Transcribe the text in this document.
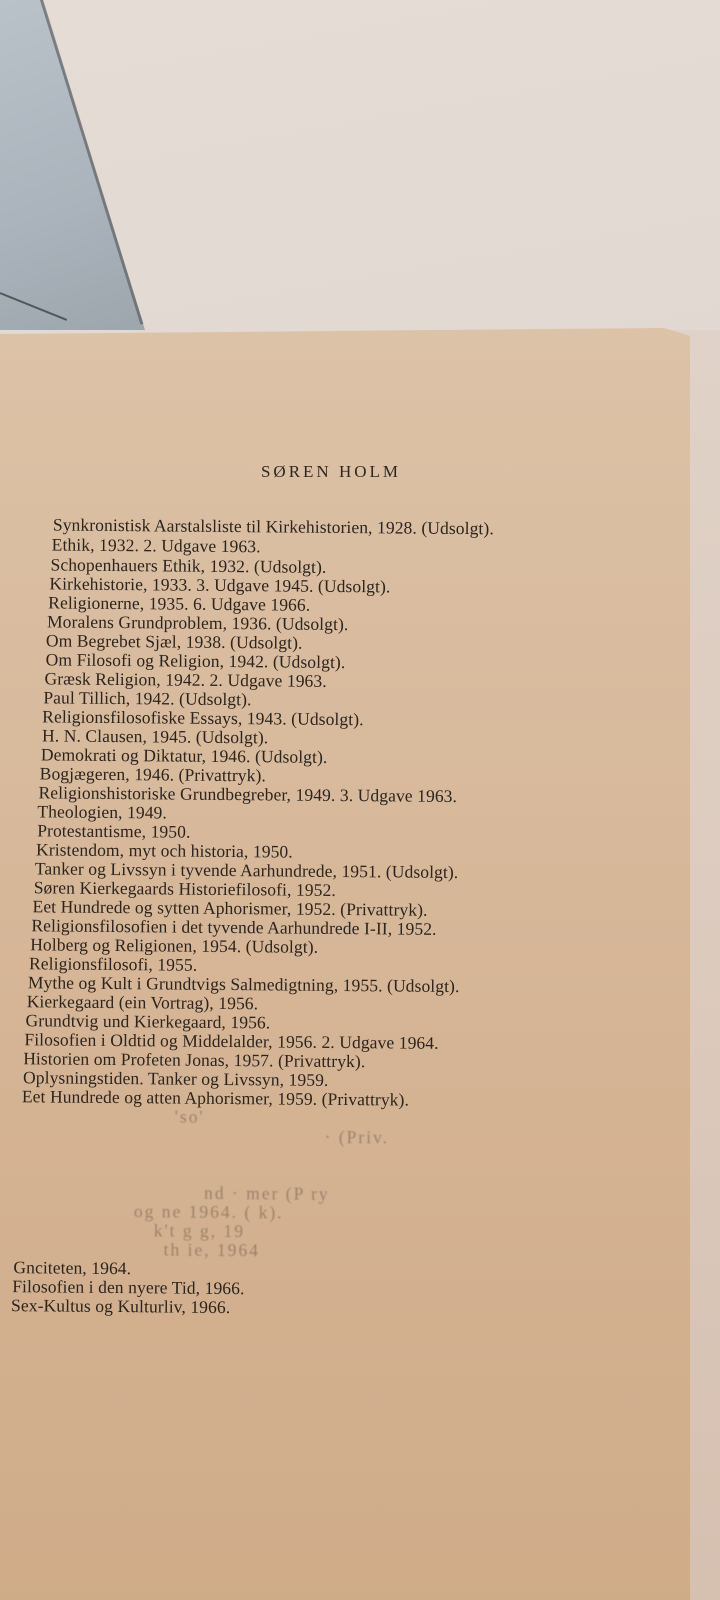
SØREN HOLM
Synkronistisk Aarstalsliste til Kirkehistorien, 1928. (Udsolgt).
Ethik, 1932. 2. Udgave 1963.
Schopenhauers Ethik, 1932. (Udsolgt).
Kirkehistorie, 1933. 3. Udgave 1945. (Udsolgt).
Religionerne, 1935. 6. Udgave 1966.
Moralens Grundproblem, 1936. (Udsolgt).
Om Begrebet Sjæl, 1938. (Udsolgt).
Om Filosofi og Religion, 1942. (Udsolgt).
Græsk Religion, 1942. 2. Udgave 1963.
Paul Tillich, 1942. (Udsolgt).
Religionsfilosofiske Essays, 1943. (Udsolgt).
H. N. Clausen, 1945. (Udsolgt).
Demokrati og Diktatur, 1946. (Udsolgt).
Bogjægeren, 1946. (Privattryk).
Religionshistoriske Grundbegreber, 1949. 3. Udgave 1963.
Theologien, 1949.
Protestantisme, 1950.
Kristendom, myt och historia, 1950.
Tanker og Livssyn i tyvende Aarhundrede, 1951. (Udsolgt).
Søren Kierkegaards Historiefilosofi, 1952.
Eet Hundrede og sytten Aphorismer, 1952. (Privattryk).
Religionsfilosofien i det tyvende Aarhundrede I-II, 1952.
Holberg og Religionen, 1954. (Udsolgt).
Religionsfilosofi, 1955.
Mythe og Kult i Grundtvigs Salmedigtning, 1955. (Udsolgt).
Kierkegaard (ein Vortrag), 1956.
Grundtvig und Kierkegaard, 1956.
Filosofien i Oldtid og Middelalder, 1956. 2. Udgave 1964.
Historien om Profeten Jonas, 1957. (Privattryk).
Oplysningstiden. Tanker og Livssyn, 1959.
Eet Hundrede og atten Aphorismer, 1959. (Privattryk).
'so'
· (Priv.
nd · mer (P ry
og ne 1964. ( k).
k't g g, 19
th ie, 1964
Gnciteten, 1964.
Filosofien i den nyere Tid, 1966.
Sex-Kultus og Kulturliv, 1966.
